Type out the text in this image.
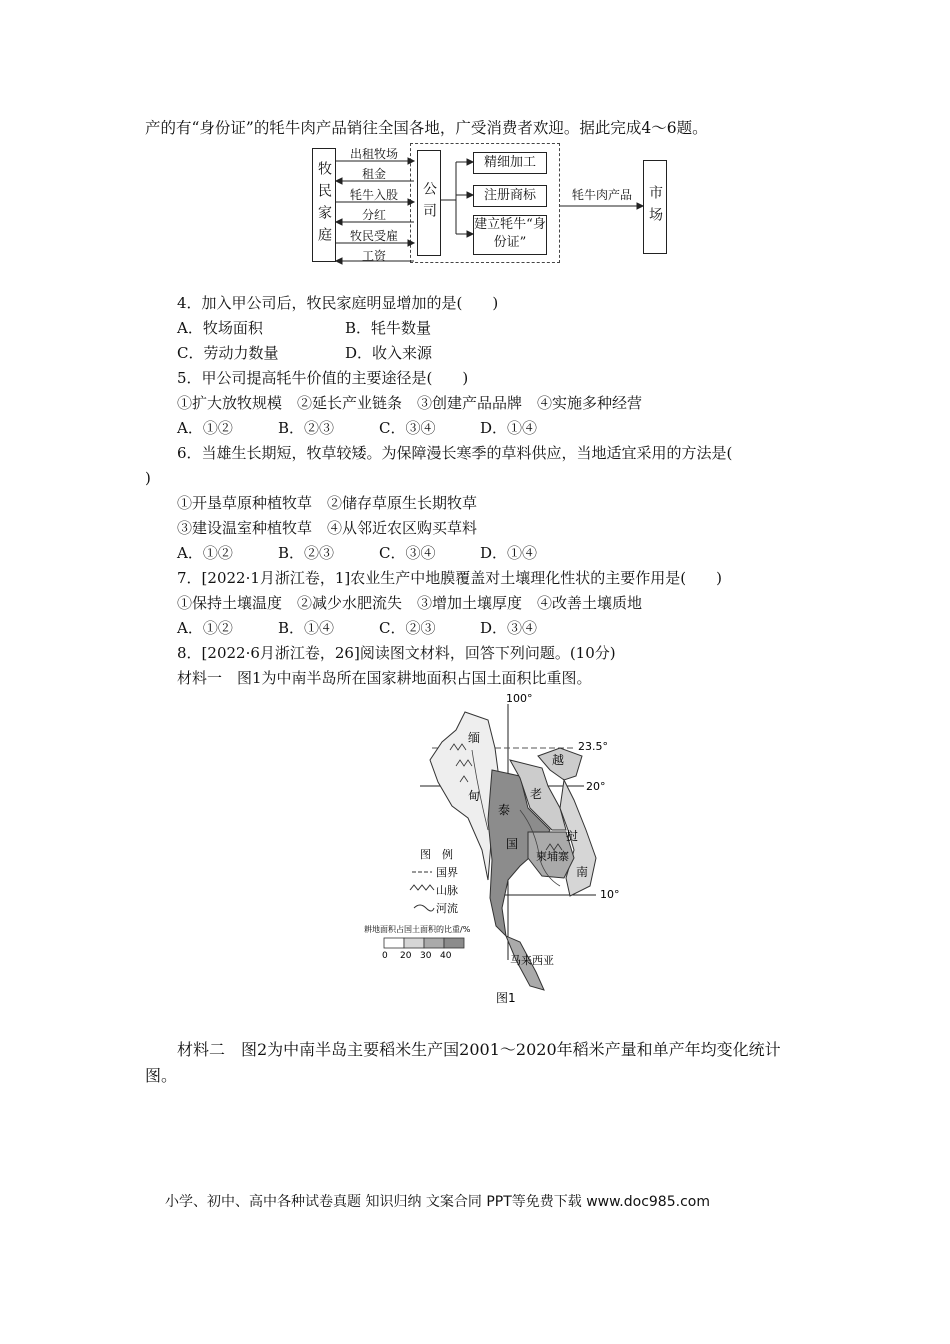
产的有“身份证”的牦牛肉产品销往全国各地，广受消费者欢迎。据此完成4～6题。
牧民家庭	公司
精细加工
注册商标
建立牦牛“身份证”
市场
出租牧场
租金
牦牛入股
分红
牧民受雇
工资
牦牛肉产品
4．加入甲公司后，牧民家庭明显增加的是(　　)
A．牧场面积	B．牦牛数量
C．劳动力数量	D．收入来源
5．甲公司提高牦牛价值的主要途径是(　　)
①扩大放牧规模　②延长产业链条　③创建产品品牌　④实施多种经营
A．①②	B．②③	C．③④	D．①④
6．当雄生长期短，牧草较矮。为保障漫长寒季的草料供应，当地适宜采用的方法是(
)
①开垦草原种植牧草　②储存草原生长期牧草
③建设温室种植牧草　④从邻近农区购买草料
A．①②	B．②③	C．③④	D．①④
7．[2022·1月浙江卷，1]农业生产中地膜覆盖对土壤理化性状的主要作用是(　　)
①保持土壤温度　②减少水肥流失　③增加土壤厚度　④改善土壤质地
A．①②	B．①④	C．②③	D．③④
8．[2022·6月浙江卷，26]阅读图文材料，回答下列问题。(10分)
材料一　图1为中南半岛所在国家耕地面积占国土面积比重图。
100°
23.5°
20°
10°
缅
甸
越
老
泰
国
柬埔寨
挝
南
马来西亚
图　例
国界
山脉
河流
耕地面积占国土面积的比重/%
0 20 30 40
图1
材料二　图2为中南半岛主要稻米生产国2001～2020年稻米产量和单产年均变化统计
图。
小学、初中、高中各种试卷真题 知识归纳 文案合同 PPT等免费下载 www.doc985.com
